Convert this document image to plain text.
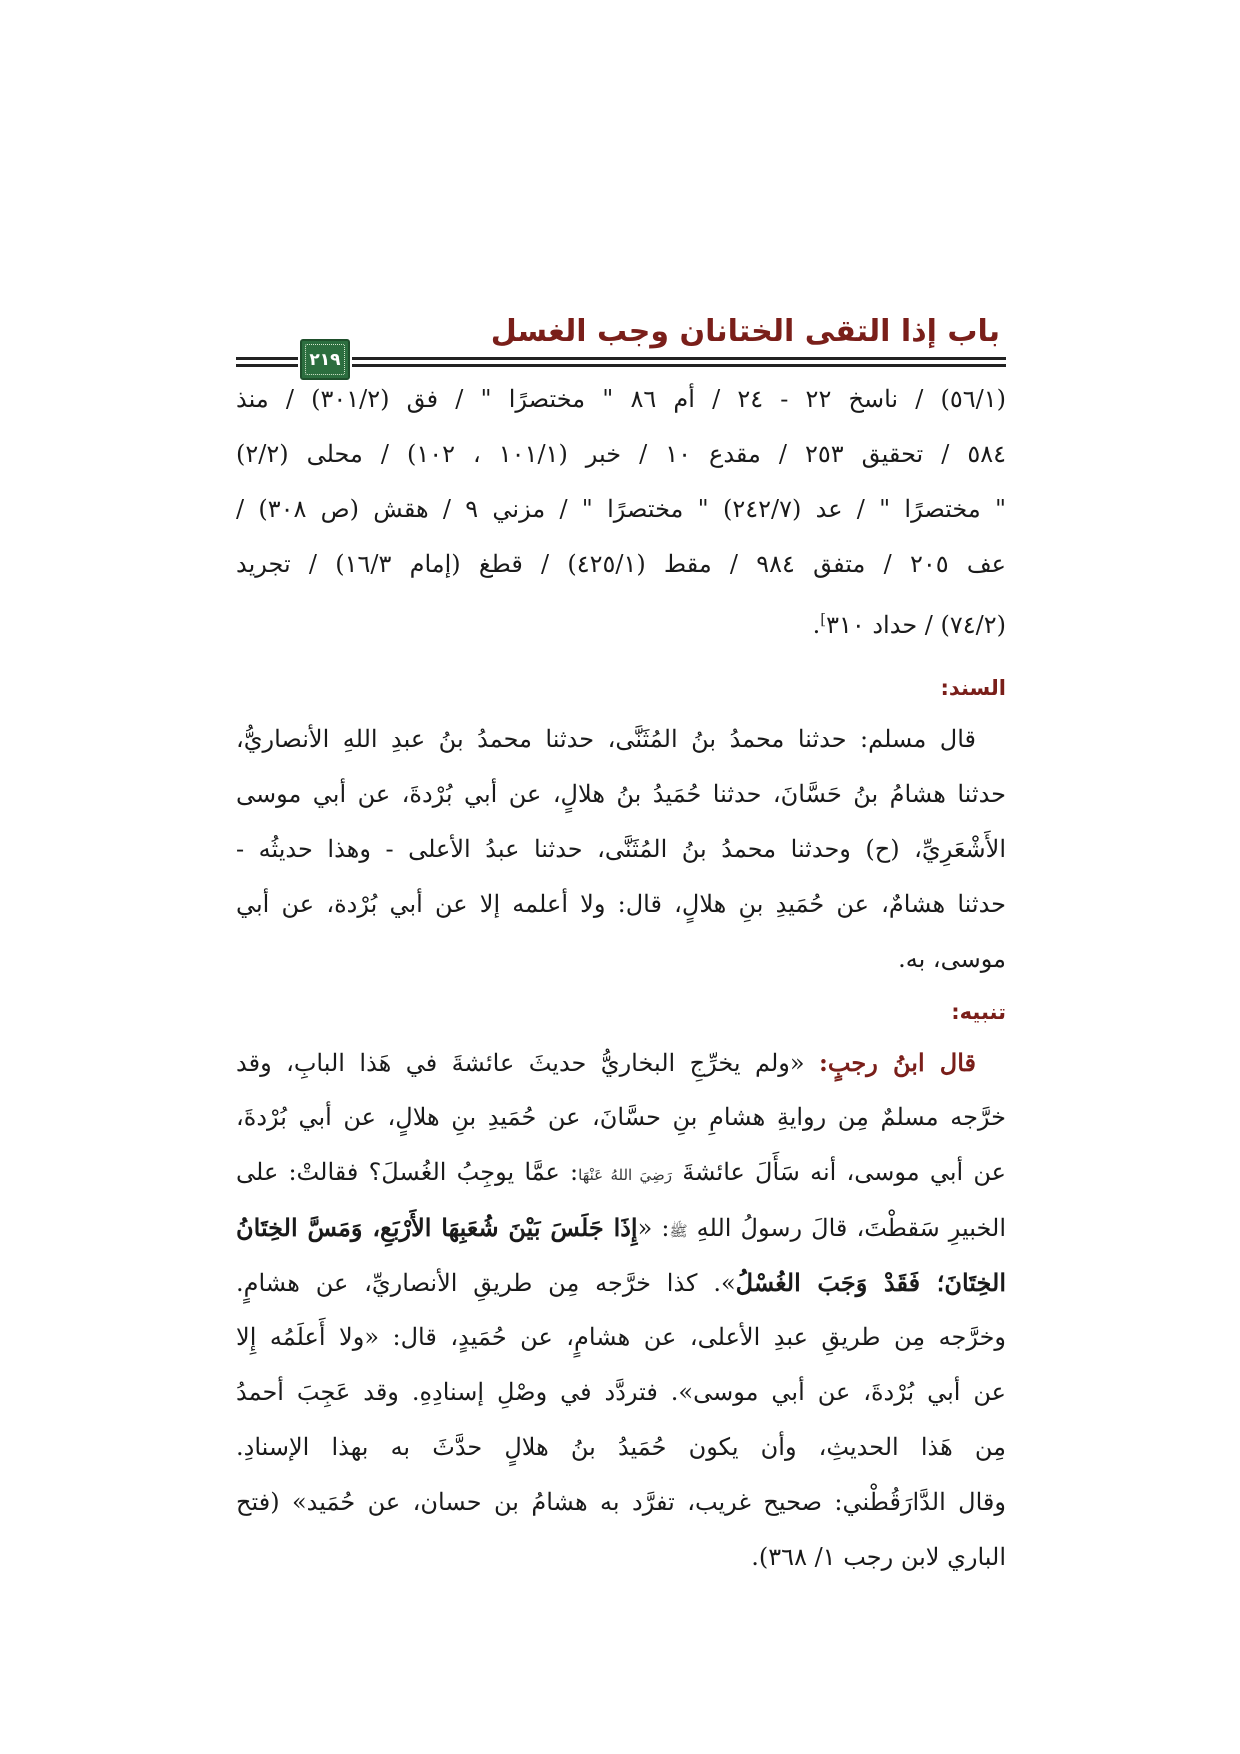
باب إذا التقى الختانان وجب الغسل
٢١٩
(٥٦/١) / ناسخ ٢٢ - ٢٤ / أم ٨٦ " مختصرًا " / فق (٣٠١/٢) / منذ
٥٨٤ / تحقيق ٢٥٣ / مقدع ١٠ / خبر (١٠١/١ ، ١٠٢) / محلى (٢/٢)
" مختصرًا " / عد (٢٤٢/٧) " مختصرًا " / مزني ٩ / هقش (ص ٣٠٨) /
عف ٢٠٥ / متفق ٩٨٤ / مقط (٤٢٥/١) / قطغ (إمام ١٦/٣) / تجريد
(٧٤/٢) / حداد ٣١٠].
السند:
قال مسلم: حدثنا محمدُ بنُ المُثَنَّى، حدثنا محمدُ بنُ عبدِ اللهِ الأنصاريُّ،
حدثنا هشامُ بنُ حَسَّانَ، حدثنا حُمَيدُ بنُ هلالٍ، عن أبي بُرْدةَ، عن أبي موسى
الأَشْعَرِيِّ، (ح) وحدثنا محمدُ بنُ المُثَنَّى، حدثنا عبدُ الأعلى - وهذا حديثُه -
حدثنا هشامٌ، عن حُمَيدِ بنِ هلالٍ، قال: ولا أعلمه إلا عن أبي بُرْدة، عن أبي
موسى، به.
تنبيه:
قال ابنُ رجبٍ: «ولم يخرِّجِ البخاريُّ حديثَ عائشةَ في هَذا البابِ، وقد
خرَّجه مسلمٌ مِن روايةِ هشامِ بنِ حسَّانَ، عن حُمَيدِ بنِ هلالٍ، عن أبي بُرْدةَ،
عن أبي موسى، أنه سَأَلَ عائشةَ رَضِيَ اللهُ عَنْهَا: عمَّا يوجِبُ الغُسلَ؟ فقالتْ: على
الخبيرِ سَقطْتَ، قالَ رسولُ اللهِ ﷺ: «إِذَا جَلَسَ بَيْنَ شُعَبِهَا الأَرْبَعِ، وَمَسَّ الخِتَانُ
الخِتَانَ؛ فَقَدْ وَجَبَ الغُسْلُ». كذا خرَّجه مِن طريقِ الأنصاريِّ، عن هشامٍ.
وخرَّجه مِن طريقِ عبدِ الأعلى، عن هشامٍ، عن حُمَيدٍ، قال: «ولا أَعلَمُه إِلا
عن أبي بُرْدةَ، عن أبي موسى». فتردَّد في وصْلِ إسنادِهِ. وقد عَجِبَ أحمدُ
مِن هَذا الحديثِ، وأن يكون حُمَيدُ بنُ هلالٍ حدَّثَ به بهذا الإسنادِ.
وقال الدَّارَقُطْني: صحيح غريب، تفرَّد به هشامُ بن حسان، عن حُمَيد» (فتح
الباري لابن رجب ١/ ٣٦٨).
